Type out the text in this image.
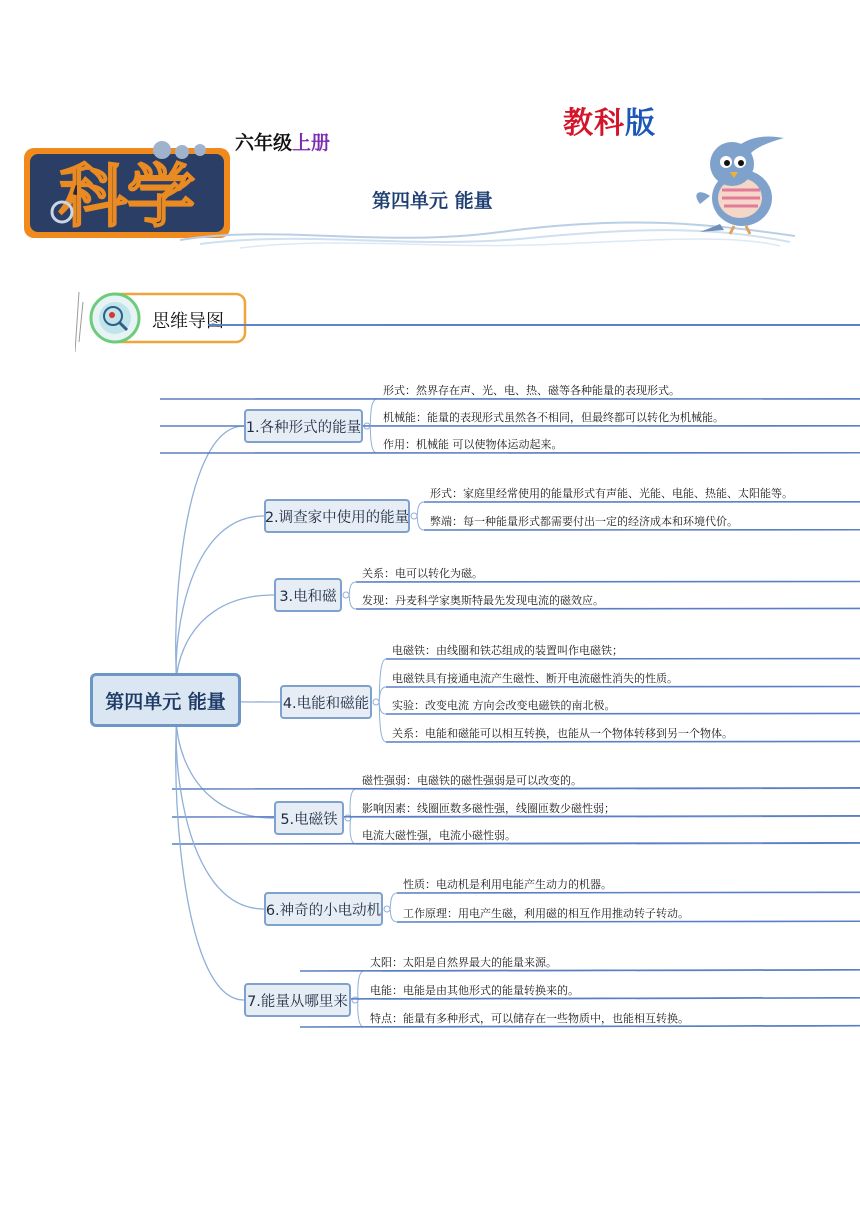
教科版
六年级上册
科学	第四单元 能量
思维导图
第四单元 能量
1.各种形式的能量
形式：然界存在声、光、电、热、磁等各种能量的表现形式。
机械能：能量的表现形式虽然各不相同，但最终都可以转化为机械能。
作用：机械能 可以使物体运动起来。
2.调查家中使用的能量
形式：家庭里经常使用的能量形式有声能、光能、电能、热能、太阳能等。
弊端：每一种能量形式都需要付出一定的经济成本和环境代价。
3.电和磁
关系：电可以转化为磁。
发现：丹麦科学家奥斯特最先发现电流的磁效应。
4.电能和磁能
电磁铁：由线圈和铁芯组成的装置叫作电磁铁；
电磁铁具有接通电流产生磁性、断开电流磁性消失的性质。
实验：改变电流 方向会改变电磁铁的南北极。
关系：电能和磁能可以相互转换，也能从一个物体转移到另一个物体。
5.电磁铁
磁性强弱：电磁铁的磁性强弱是可以改变的。
影响因素：线圈匝数多磁性强，线圈匝数少磁性弱；
电流大磁性强，电流小磁性弱。
6.神奇的小电动机
性质：电动机是利用电能产生动力的机器。
工作原理：用电产生磁，利用磁的相互作用推动转子转动。
7.能量从哪里来
太阳：太阳是自然界最大的能量来源。
电能：电能是由其他形式的能量转换来的。
特点：能量有多种形式，可以储存在一些物质中，也能相互转换。
